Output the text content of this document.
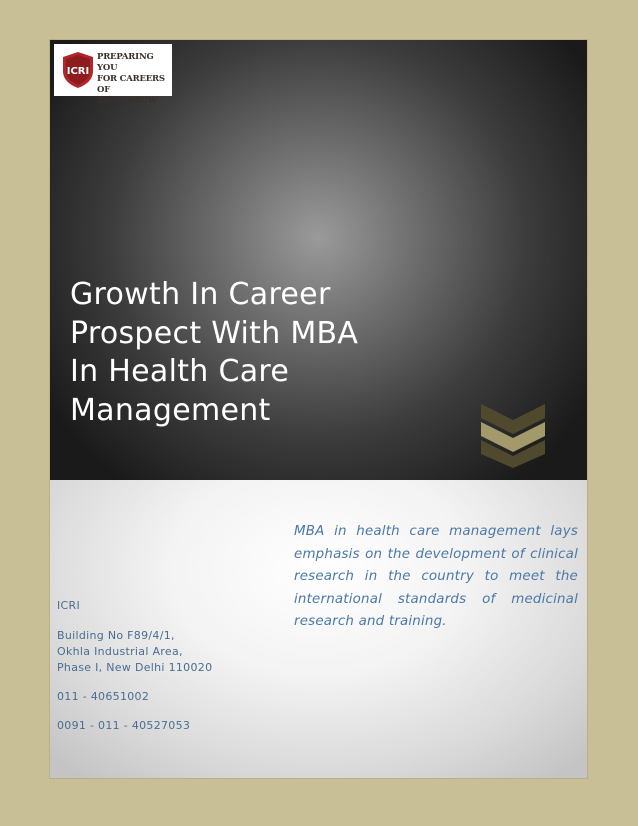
ICRI
PREPARING YOU
FOR CAREERS OF
TOMORROW
Growth In Career
Prospect With MBA
In Health Care
Management
MBA in health care management lays emphasis on the development of clinical research in the country to meet the international standards of medicinal research and training.
ICRI
Building No F89/4/1,
Okhla Industrial Area,
Phase I, New Delhi 110020
011 - 40651002
0091 - 011 - 40527053
